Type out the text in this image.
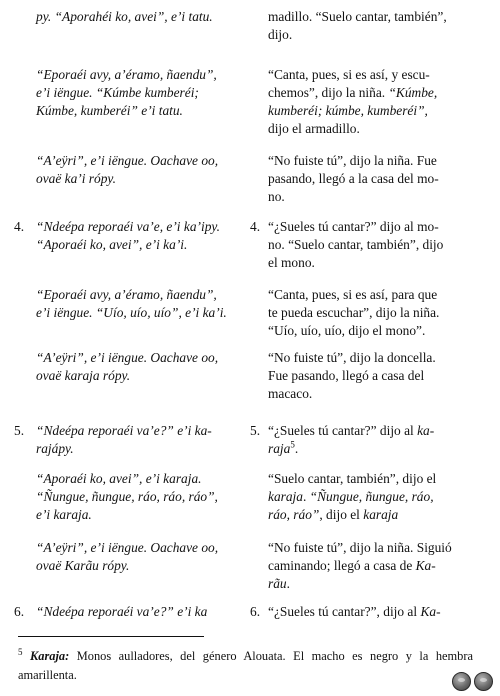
py. “Aporahéi ko, avei”, e’i tatu.
“Eporaéi avy, a’éramo, ñaendu”,
e’i iëngue. “Kúmbe kumberéi;
Kúmbe, kumberéi” e’i tatu.
“A’eÿri”, e’i iëngue. Oachave oo,
ovaë ka’i rópy.
4. “Ndeépa reporaéi va’e, e’i ka’ipy.
“Aporaéi ko, avei”, e’i ka’i.
“Eporaéi avy, a’éramo, ñaendu”,
e’i iëngue. “Uío, uío, uío”, e’i ka’i.
“A’eÿri”, e’i iëngue. Oachave oo,
ovaë karaja rópy.
5. “Ndeépa reporaéi va’e?” e’i ka-
rajápy.
“Aporaéi ko, avei”, e’i karaja.
“Ñungue, ñungue, ráo, ráo, ráo”,
e’i karaja.
“A’eÿri”, e’i iëngue. Oachave oo,
ovaë Karãu rópy.
6. “Ndeépa reporaéi va’e?” e’i ka
madillo. “Suelo cantar, también”,
dijo.
“Canta, pues, si es así, y escu-
chemos”, dijo la niña. “Kúmbe,
kumberéi; kúmbe, kumberéi”,
dijo el armadillo.
“No fuiste tú”, dijo la niña. Fue
pasando, llegó a la casa del mo-
no.
4. “¿Sueles tú cantar?” dijo al mo-
no. “Suelo cantar, también”, dijo
el mono.
“Canta, pues, si es así, para que
te pueda escuchar”, dijo la niña.
“Uío, uío, uío, dijo el mono”.
“No fuiste tú”, dijo la doncella.
Fue pasando, llegó a casa del
macaco.
5. “¿Sueles tú cantar?” dijo al ka-
raja$^5$.
“Suelo cantar, también”, dijo el
karaja. “Ñungue, ñungue, ráo,
ráo, ráo”, dijo el karaja
“No fuiste tú”, dijo la niña. Siguió
caminando; llegó a casa de Ka-
rãu.
6. “¿Sueles tú cantar?”, dijo al Ka-
$^5$ Karaja: Monos aulladores, del género Alouata. El macho es negro y la hembra amarillenta.
